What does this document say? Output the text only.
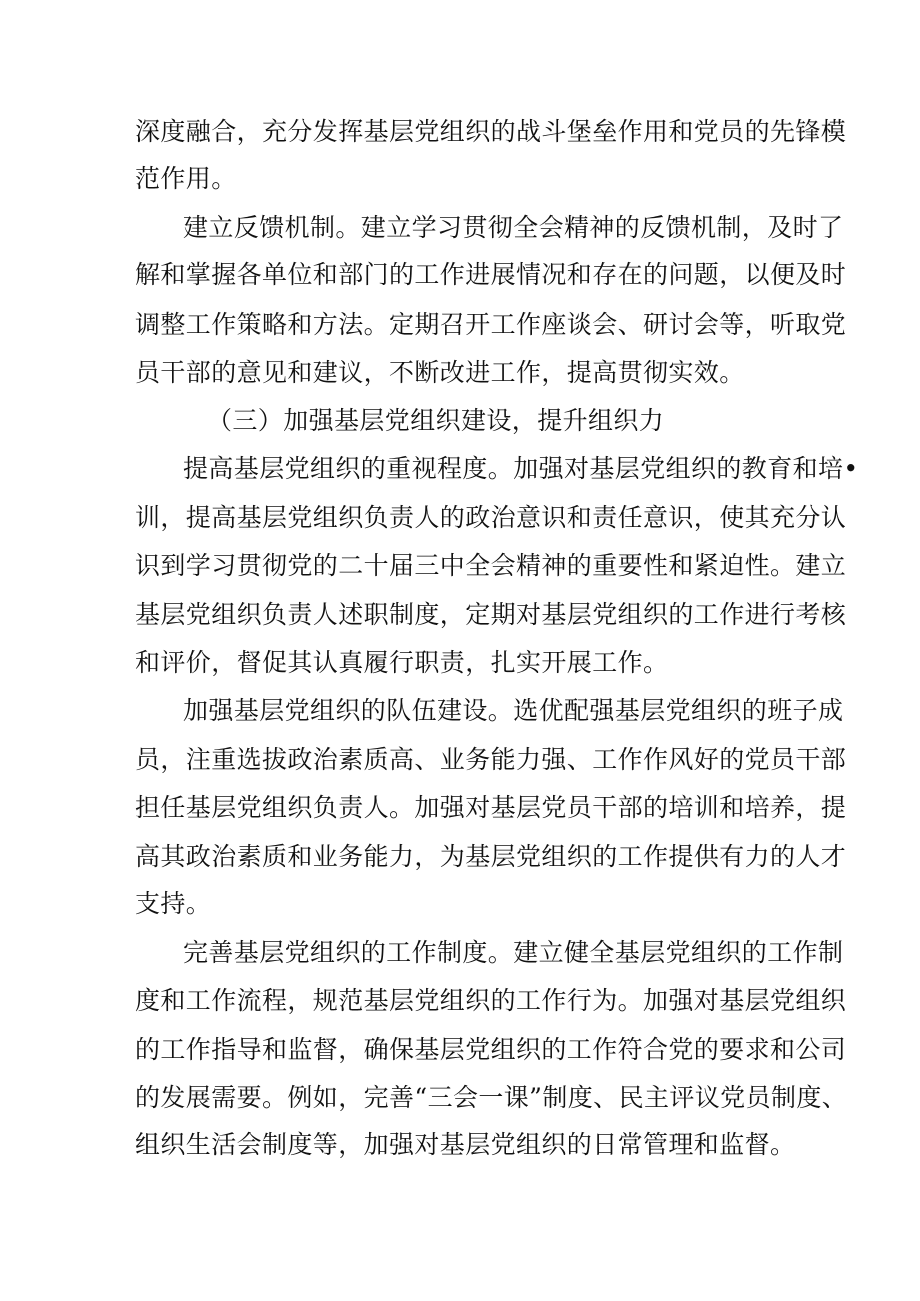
深度融合，充分发挥基层党组织的战斗堡垒作用和党员的先锋模
范作用。
建立反馈机制。建立学习贯彻全会精神的反馈机制，及时了
解和掌握各单位和部门的工作进展情况和存在的问题，以便及时
调整工作策略和方法。定期召开工作座谈会、研讨会等，听取党
员干部的意见和建议，不断改进工作，提高贯彻实效。
（三）加强基层党组织建设，提升组织力
提高基层党组织的重视程度。加强对基层党组织的教育和培•
训，提高基层党组织负责人的政治意识和责任意识，使其充分认
识到学习贯彻党的二十届三中全会精神的重要性和紧迫性。建立
基层党组织负责人述职制度，定期对基层党组织的工作进行考核
和评价，督促其认真履行职责，扎实开展工作。
加强基层党组织的队伍建设。选优配强基层党组织的班子成
员，注重选拔政治素质高、业务能力强、工作作风好的党员干部
担任基层党组织负责人。加强对基层党员干部的培训和培养，提
高其政治素质和业务能力，为基层党组织的工作提供有力的人才
支持。
完善基层党组织的工作制度。建立健全基层党组织的工作制
度和工作流程，规范基层党组织的工作行为。加强对基层党组织
的工作指导和监督，确保基层党组织的工作符合党的要求和公司
的发展需要。例如，完善“三会一课”制度、民主评议党员制度、
组织生活会制度等，加强对基层党组织的日常管理和监督。
